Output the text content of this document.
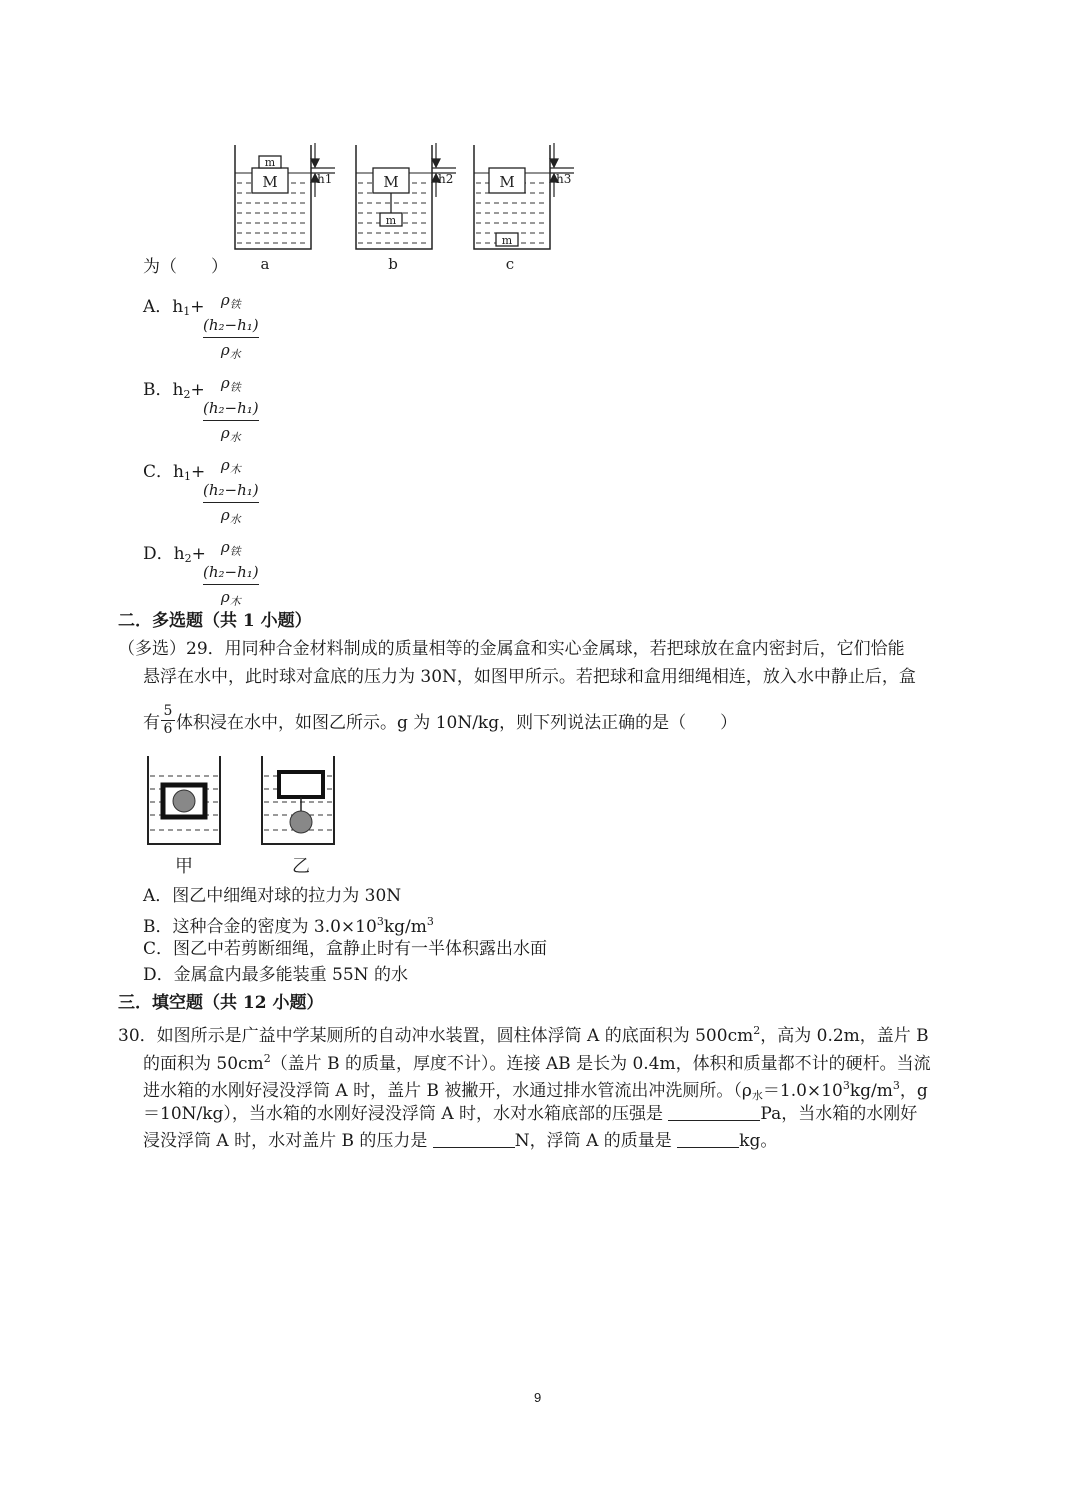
M
m
M
m
M
m
h1	h2	h3
a	b	c
为（　　）
A．$h_1+$	$\rho_铁(h_2-h_1)$
$\rho_水$
B．$h_2+$	$\rho_铁(h_2-h_1)$
$\rho_水$
C．$h_1+$	$\rho_木(h_2-h_1)$
$\rho_水$
D．$h_2+$	$\rho_铁(h_2-h_1)$
$\rho_木$
二．多选题（共 1 小题）
（多选）29．用同种合金材料制成的质量相等的金属盒和实心金属球，若把球放在盒内密封后，它们恰能
悬浮在水中，此时球对盒底的压力为 30N，如图甲所示。若把球和盒用细绳相连，放入水中静止后，盒
有 $\frac{5}{6}$ 体积浸在水中，如图乙所示。g 为 10N/kg，则下列说法正确的是（　　）
甲	乙
A．图乙中细绳对球的拉力为 30N
B．这种合金的密度为 $3.0\times 10^3kg/m^3$
C．图乙中若剪断细绳，盒静止时有一半体积露出水面
D．金属盒内最多能装重 55N 的水
三．填空题（共 12 小题）
30．如图所示是广益中学某厕所的自动冲水装置，圆柱体浮筒 A 的底面积为 $500cm^2$，高为 0.2m，盖片 B
的面积为 $50cm^2$（盖片 B 的质量，厚度不计）。连接 AB 是长为 0.4m，体积和质量都不计的硬杆。当流
进水箱的水刚好浸没浮筒 A 时，盖片 B 被撇开，水通过排水管流出冲洗厕所。（$\rho_水=1.0\times 10^3kg/m^3$，g
＝10N/kg），当水箱的水刚好浸没浮筒 A 时，水对水箱底部的压强是	Pa，当水箱的水刚好
浸没浮筒 A 时，水对盖片 B 的压力是	N，浮筒 A 的质量是	kg。
9
